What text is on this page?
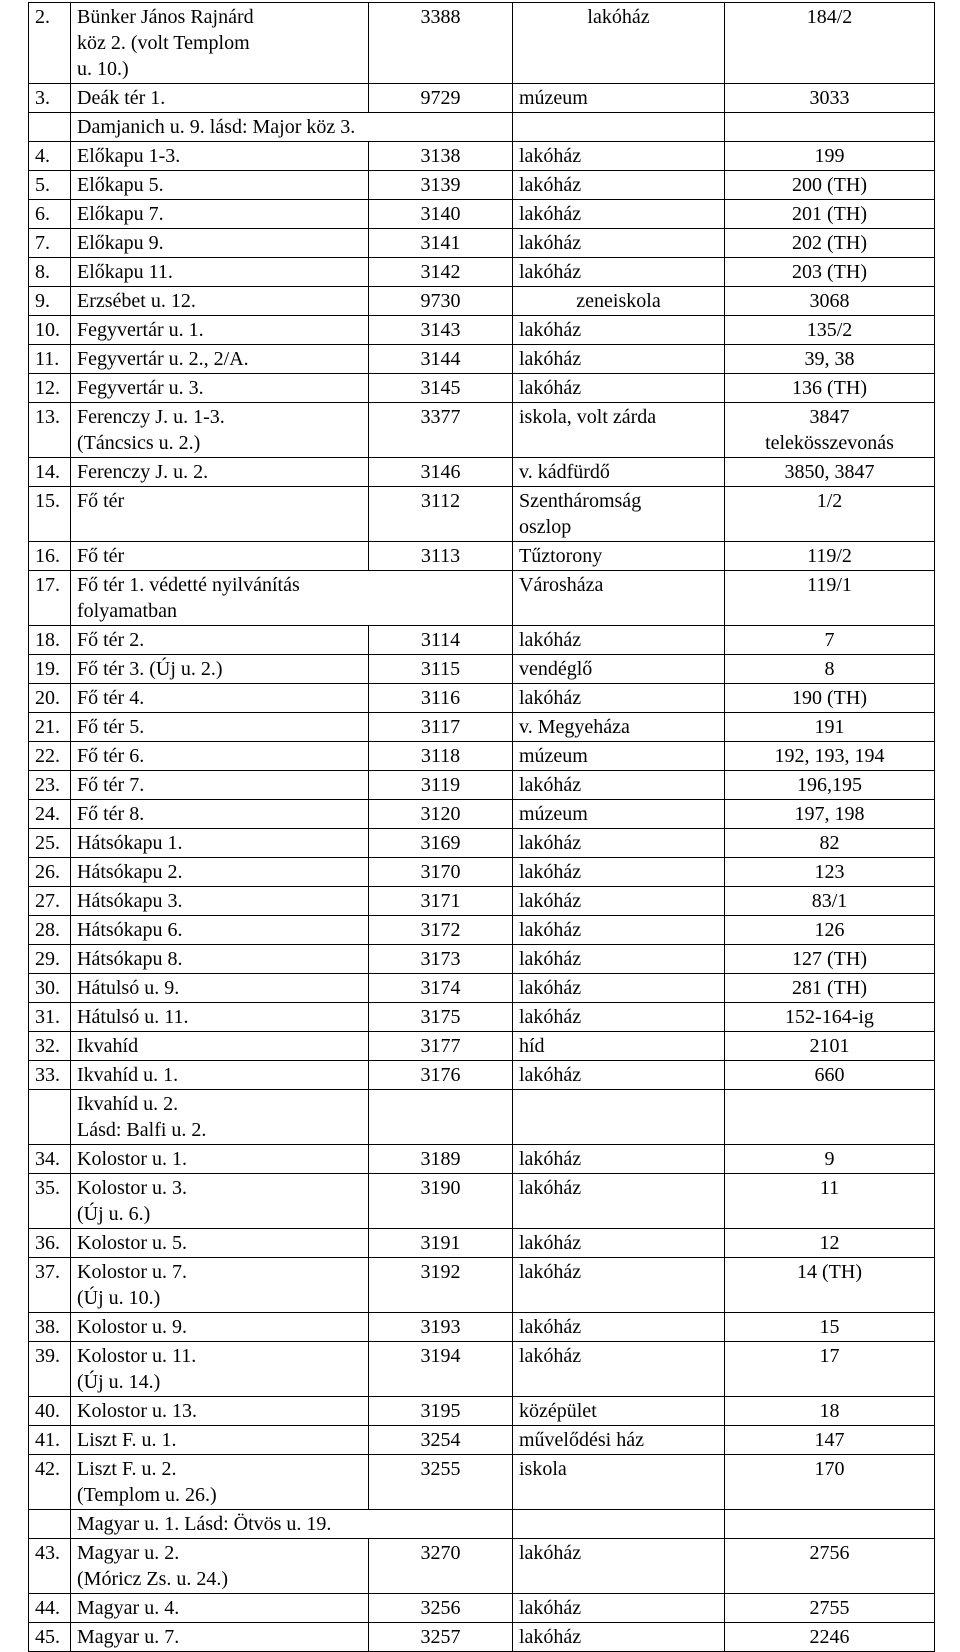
2.	Bünker János Rajnárd
köz 2. (volt Templom
u. 10.)	3388	lakóház	184/2
3.	Deák tér 1.	9729	múzeum	3033
	Damjanich u. 9. lásd: Major köz 3.			
4.	Előkapu 1-3.	3138	lakóház	199
5.	Előkapu 5.	3139	lakóház	200 (TH)
6.	Előkapu 7.	3140	lakóház	201 (TH)
7.	Előkapu 9.	3141	lakóház	202 (TH)
8.	Előkapu 11.	3142	lakóház	203 (TH)
9.	Erzsébet u. 12.	9730	zeneiskola	3068
10.	Fegyvertár u. 1.	3143	lakóház	135/2
11.	Fegyvertár u. 2., 2/A.	3144	lakóház	39, 38
12.	Fegyvertár u. 3.	3145	lakóház	136 (TH)
13.	Ferenczy J. u. 1-3.
(Táncsics u. 2.)	3377	iskola, volt zárda	3847
telekösszevonás
14.	Ferenczy J. u. 2.	3146	v. kádfürdő	3850, 3847
15.	Fő tér	3112	Szentháromság
oszlop	1/2
16.	Fő tér	3113	Tűztorony	119/2
17.	Fő tér 1. védetté nyilvánítás
folyamatban		Városháza	119/1
18.	Fő tér 2.	3114	lakóház	7
19.	Fő tér 3. (Új u. 2.)	3115	vendéglő	8
20.	Fő tér 4.	3116	lakóház	190 (TH)
21.	Fő tér 5.	3117	v. Megyeháza	191
22.	Fő tér 6.	3118	múzeum	192, 193, 194
23.	Fő tér 7.	3119	lakóház	196,195
24.	Fő tér 8.	3120	múzeum	197, 198
25.	Hátsókapu 1.	3169	lakóház	82
26.	Hátsókapu 2.	3170	lakóház	123
27.	Hátsókapu 3.	3171	lakóház	83/1
28.	Hátsókapu 6.	3172	lakóház	126
29.	Hátsókapu 8.	3173	lakóház	127 (TH)
30.	Hátulsó u. 9.	3174	lakóház	281 (TH)
31.	Hátulsó u. 11.	3175	lakóház	152-164-ig
32.	Ikvahíd	3177	híd	2101
33.	Ikvahíd u. 1.	3176	lakóház	660
	Ikvahíd u. 2.
Lásd: Balfi u. 2.			
34.	Kolostor u. 1.	3189	lakóház	9
35.	Kolostor u. 3.
(Új u. 6.)	3190	lakóház	11
36.	Kolostor u. 5.	3191	lakóház	12
37.	Kolostor u. 7.
(Új u. 10.)	3192	lakóház	14 (TH)
38.	Kolostor u. 9.	3193	lakóház	15
39.	Kolostor u. 11.
(Új u. 14.)	3194	lakóház	17
40.	Kolostor u. 13.	3195	középület	18
41.	Liszt F. u. 1.	3254	művelődési ház	147
42.	Liszt F. u. 2.
(Templom u. 26.)	3255	iskola	170
	Magyar u. 1. Lásd: Ötvös u. 19.			
43.	Magyar u. 2.
(Móricz Zs. u. 24.)	3270	lakóház	2756
44.	Magyar u. 4.	3256	lakóház	2755
45.	Magyar u. 7.	3257	lakóház	2246
